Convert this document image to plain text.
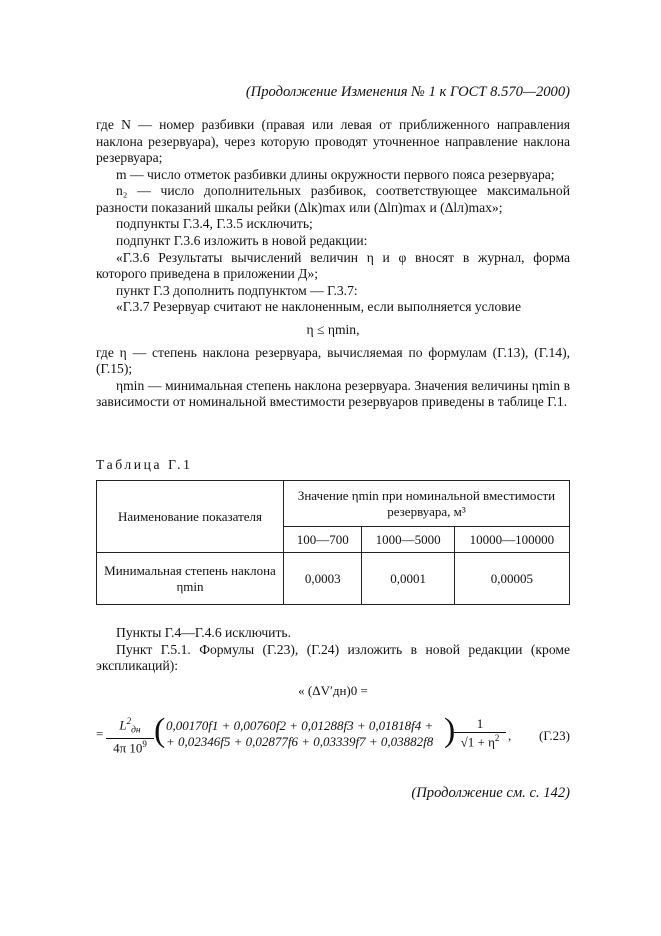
(Продолжение Изменения № 1 к ГОСТ 8.570—2000)

где N — номер разбивки (правая или левая от приближенного направления наклона резервуара), через которую проводят уточненное направление наклона резервуара;

m — число отметок разбивки длины окружности первого пояса резервуара;

n₂ — число дополнительных разбивок, соответствующее максимальной разности показаний шкалы рейки (Δlк)max или (Δlп)max и (Δlл)max»;

подпункты Г.3.4, Г.3.5 исключить;

подпункт Г.3.6 изложить в новой редакции:

«Г.3.6 Результаты вычислений величин η и φ вносят в журнал, форма которого приведена в приложении Д»;

пункт Г.3 дополнить подпунктом — Г.3.7:

«Г.3.7 Резервуар считают не наклоненным, если выполняется условие

η ≤ ηmin,

где η — степень наклона резервуара, вычисляемая по формулам (Г.13), (Г.14), (Г.15);

ηmin — минимальная степень наклона резервуара. Значения величины ηmin в зависимости от номинальной вместимости резервуаров приведены в таблице Г.1.

Таблица Г.1
Наименование показателя	Значение ηmin при номинальной вместимости резервуара, м³		
	100—700	1000—5000	10000—100000
Минимальная степень наклона ηmin	0,0003	0,0001	0,00005

Пункты Г.4—Г.4.6 исключить.

Пункт Г.5.1. Формулы (Г.23), (Г.24) изложить в новой редакции (кроме экспликаций):

« (ΔV′дн)0 =
=
$L^2_{дн}$
4π $10^9$ ( 0,00170f1 + 0,00760f2 + 0,01288f3 + 0,01818f4 +
+ 0,02346f5 + 0,02877f6 + 0,03339f7 + 0,03882f8 )
$\frac{1}{√1 + \eta^2}$ , (Г.23)
(Продолжение см. с. 142)
